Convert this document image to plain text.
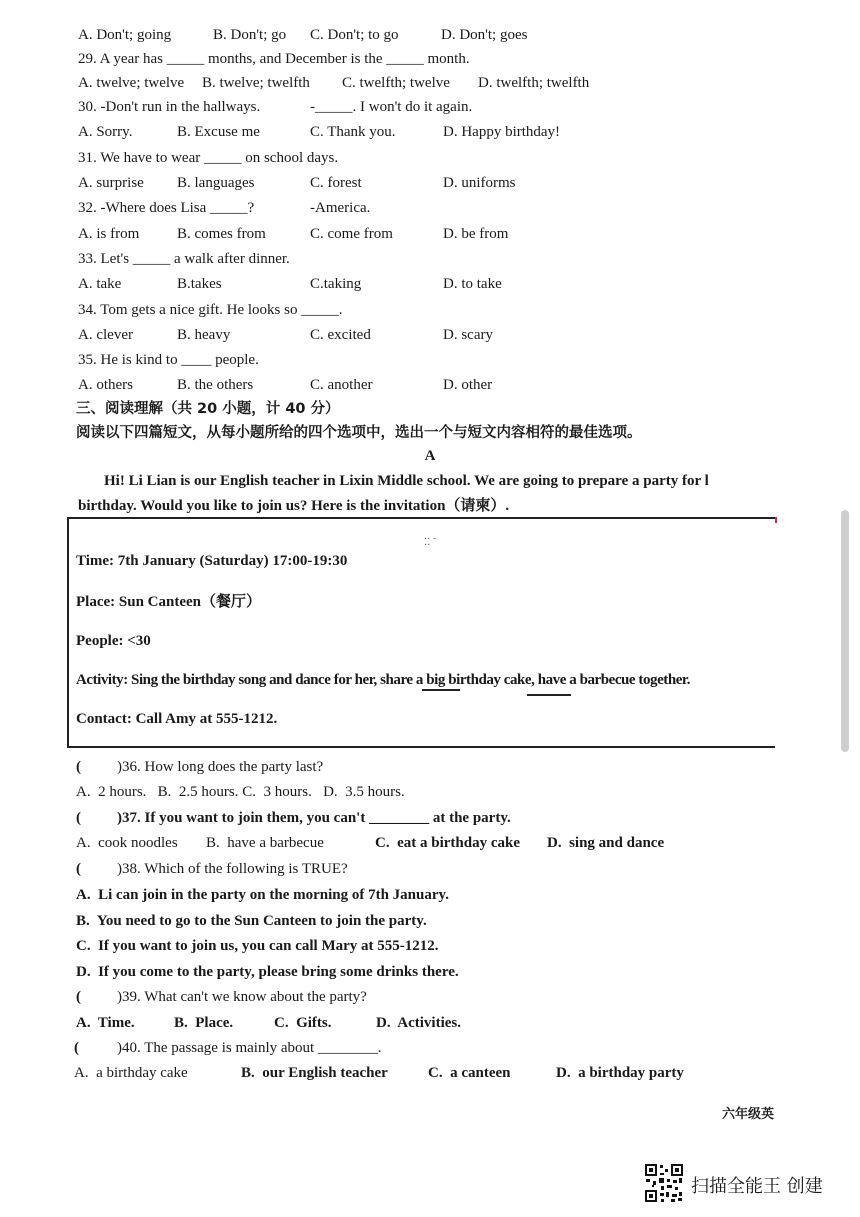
A. Don't; going	B. Don't; go C. Don't; to go	D. Don't; goes
29. A year has _____ months, and December is the _____ month.
A. twelve; twelve B. twelve; twelfth C. twelfth; twelve D. twelfth; twelfth
30. -Don't run in the hallways.	-_____. I won't do it again.
A. Sorry.	B. Excuse me	C. Thank you.	D. Happy birthday!
31. We have to wear _____ on school days.
A. surprise B. languages	C. forest	D. uniforms
32. -Where does Lisa _____?	-America.
A. is from	B. comes from	C. come from	D. be from
33. Let's _____ a walk after dinner.
A. take	B.takes	C.taking	D. to take
34. Tom gets a nice gift. He looks so _____.
A. clever	B. heavy	C. excited	D. scary
35. He is kind to ____ people.
A. others	B. the others	C. another	D. other
三、阅读理解（共 20 小题，计 40 分）
阅读以下四篇短文，从每小题所给的四个选项中，选出一个与短文内容相符的最佳选项。
A
Hi! Li Lian is our English teacher in Lixin Middle school. We are going to prepare a party for l
birthday. Would you like to join us? Here is the invitation（请柬）.
⁚⁚ ˜
Time: 7th January (Saturday) 17:00-19:30
Place: Sun Canteen（餐厅）
People: <30
Activity: Sing the birthday song and dance for her, share a big birthday cake, have a barbecue together.
Contact: Call Amy at 555-1212.
( )36. How long does the party last?
A.  2 hours.   B.  2.5 hours. C.  3 hours.   D.  3.5 hours.
( )37. If you want to join them, you can't ________ at the party.
A.  cook noodles B.  have a barbecue	C.  eat a birthday cake D.  sing and dance
( )38. Which of the following is TRUE?
A.  Li can join in the party on the morning of 7th January.
B.  You need to go to the Sun Canteen to join the party.
C.  If you want to join us, you can call Mary at 555-1212.
D.  If you come to the party, please bring some drinks there.
( )39. What can't we know about the party?
A.  Time.	B.  Place.	C.  Gifts.	D.  Activities.
(	)40. The passage is mainly about ________.
A.  a birthday cake	B.  our English teacher	C.  a canteen	D.  a birthday party
六年级英
扫描全能王 创建
